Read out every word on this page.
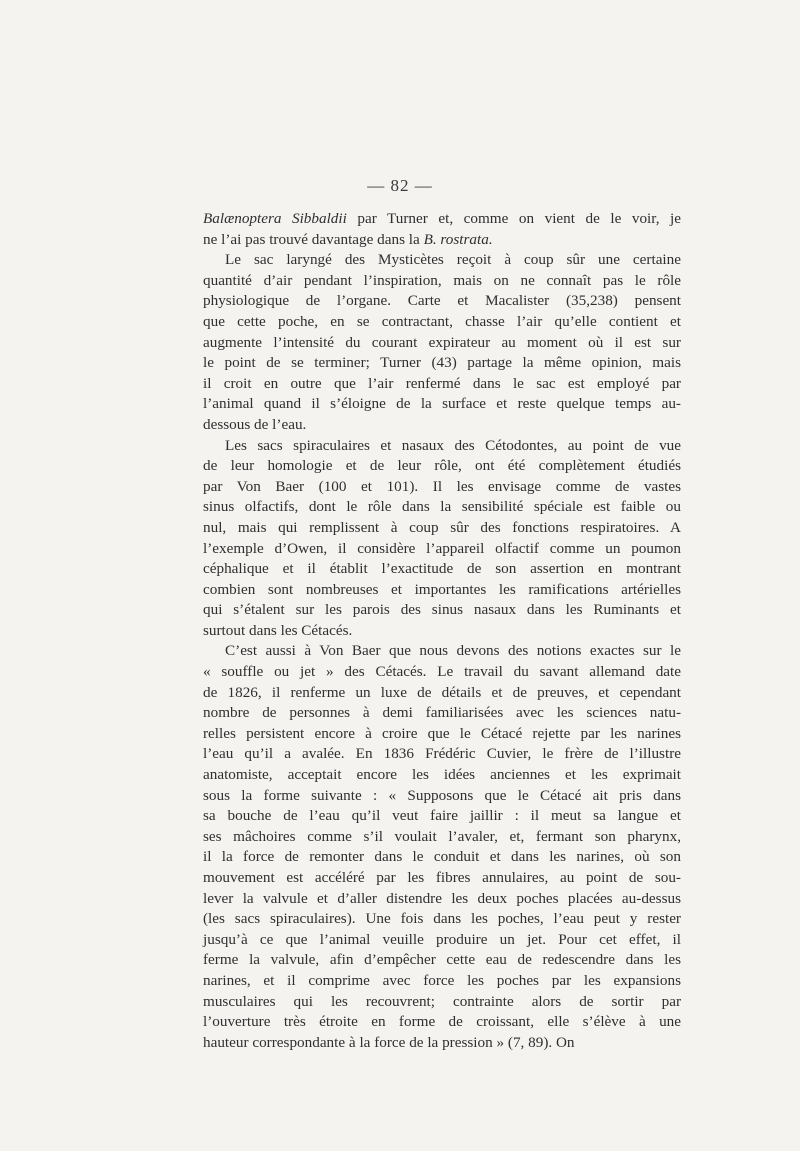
— 82 —
Balænoptera Sibbaldii par Turner et, comme on vient de le voir, je
ne l’ai pas trouvé davantage dans la B. rostrata.
Le sac laryngé des Mysticètes reçoit à coup sûr une certaine
quantité d’air pendant l’inspiration, mais on ne connaît pas le rôle
physiologique de l’organe. Carte et Macalister (35,238) pensent
que cette poche, en se contractant, chasse l’air qu’elle contient et
augmente l’intensité du courant expirateur au moment où il est sur
le point de se terminer; Turner (43) partage la même opinion, mais
il croit en outre que l’air renfermé dans le sac est employé par
l’animal quand il s’éloigne de la surface et reste quelque temps au-
dessous de l’eau.
Les sacs spiraculaires et nasaux des Cétodontes, au point de vue
de leur homologie et de leur rôle, ont été complètement étudiés
par Von Baer (100 et 101). Il les envisage comme de vastes
sinus olfactifs, dont le rôle dans la sensibilité spéciale est faible ou
nul, mais qui remplissent à coup sûr des fonctions respiratoires. A
l’exemple d’Owen, il considère l’appareil olfactif comme un poumon
céphalique et il établit l’exactitude de son assertion en montrant
combien sont nombreuses et importantes les ramifications artérielles
qui s’étalent sur les parois des sinus nasaux dans les Ruminants et
surtout dans les Cétacés.
C’est aussi à Von Baer que nous devons des notions exactes sur le
« souffle ou jet » des Cétacés. Le travail du savant allemand date
de 1826, il renferme un luxe de détails et de preuves, et cependant
nombre de personnes à demi familiarisées avec les sciences natu-
relles persistent encore à croire que le Cétacé rejette par les narines
l’eau qu’il a avalée. En 1836 Frédéric Cuvier, le frère de l’illustre
anatomiste, acceptait encore les idées anciennes et les exprimait
sous la forme suivante : « Supposons que le Cétacé ait pris dans
sa bouche de l’eau qu’il veut faire jaillir : il meut sa langue et
ses mâchoires comme s’il voulait l’avaler, et, fermant son pharynx,
il la force de remonter dans le conduit et dans les narines, où son
mouvement est accéléré par les fibres annulaires, au point de sou-
lever la valvule et d’aller distendre les deux poches placées au-dessus
(les sacs spiraculaires). Une fois dans les poches, l’eau peut y rester
jusqu’à ce que l’animal veuille produire un jet. Pour cet effet, il
ferme la valvule, afin d’empêcher cette eau de redescendre dans les
narines, et il comprime avec force les poches par les expansions
musculaires qui les recouvrent; contrainte alors de sortir par
l’ouverture très étroite en forme de croissant, elle s’élève à une
hauteur correspondante à la force de la pression » (7, 89). On
